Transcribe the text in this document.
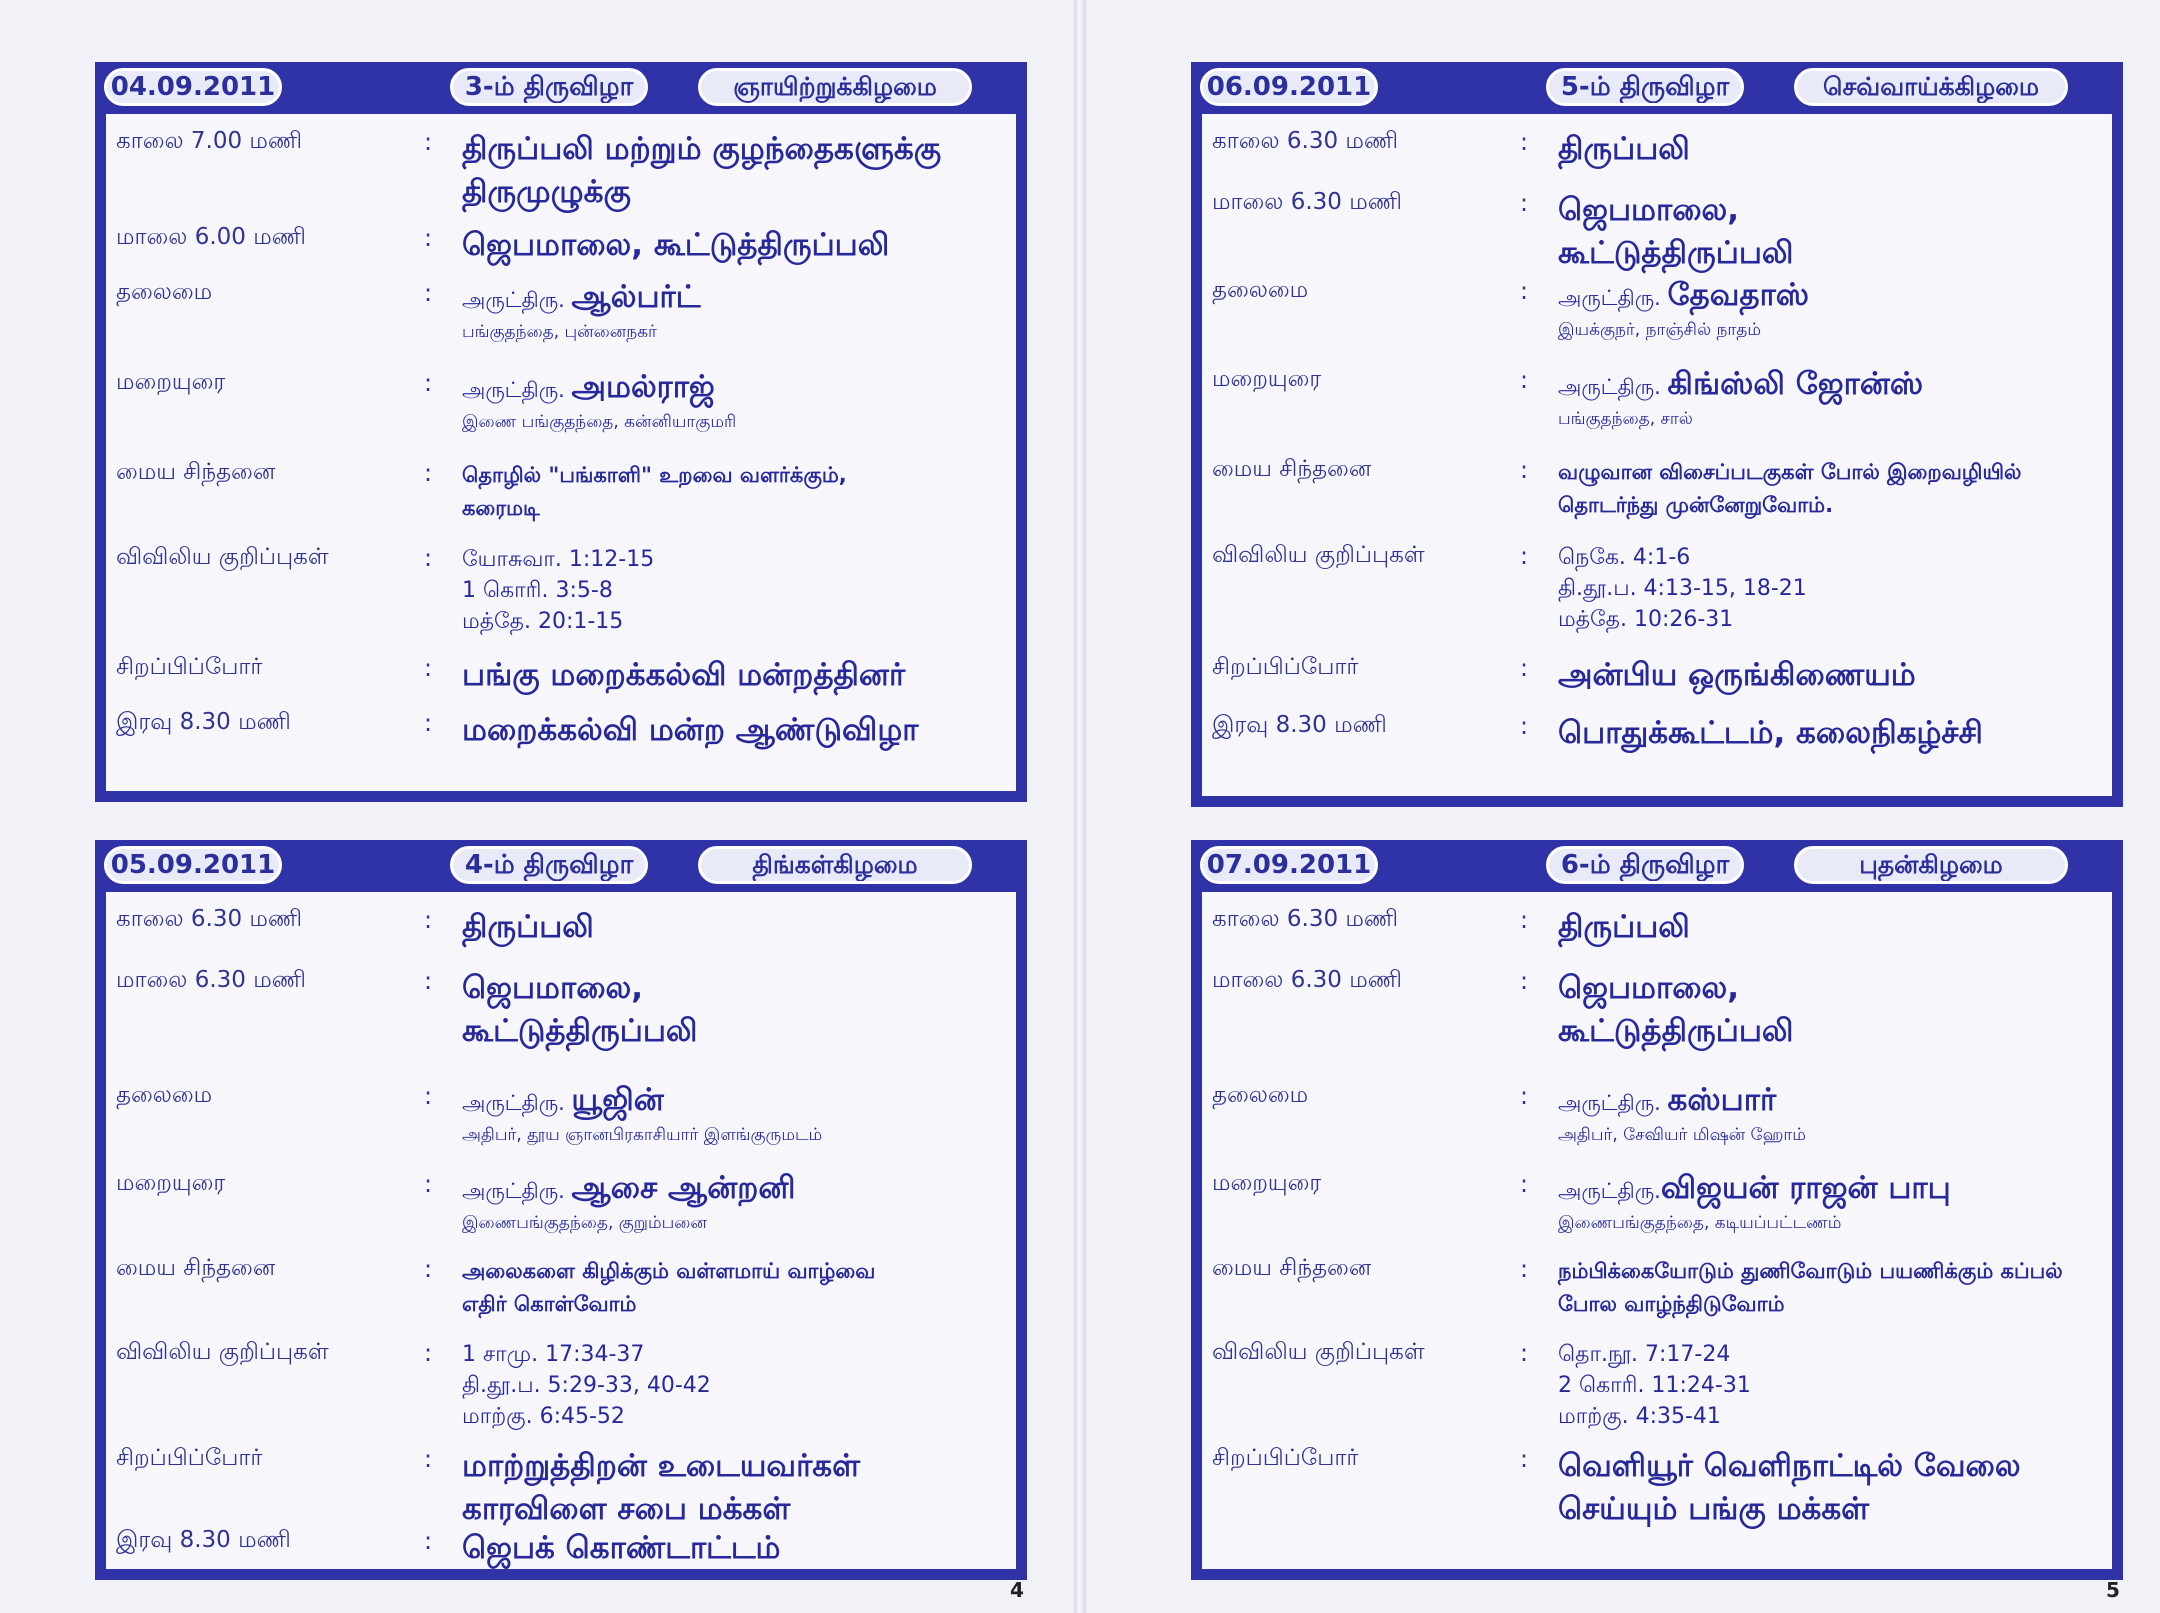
04.09.2011	3-ம் திருவிழா	ஞாயிற்றுக்கிழமை
காலை 7.00 மணி	: திருப்பலி மற்றும் குழந்தைகளுக்கு
திருமுழுக்கு
மாலை 6.00 மணி	: ஜெபமாலை, கூட்டுத்திருப்பலி
தலைமை	: அருட்திரு. ஆல்பர்ட்
பங்குதந்தை, புன்னைநகர்
மறையுரை	: அருட்திரு. அமல்ராஜ்
இணை பங்குதந்தை, கன்னியாகுமரி
மைய சிந்தனை	: தொழில் "பங்காளி" உறவை வளர்க்கும்,
கரைமடி
விவிலிய குறிப்புகள்	: யோசுவா. 1:12-15
1 கொரி. 3:5-8
மத்தே. 20:1-15
சிறப்பிப்போர்	: பங்கு மறைக்கல்வி மன்றத்தினர்
இரவு 8.30 மணி	: மறைக்கல்வி மன்ற ஆண்டுவிழா
05.09.2011	4-ம் திருவிழா	திங்கள்கிழமை
காலை 6.30 மணி	: திருப்பலி
மாலை 6.30 மணி	: ஜெபமாலை,
கூட்டுத்திருப்பலி
தலைமை	: அருட்திரு. யூஜின்
அதிபர், தூய ஞானபிரகாசியார் இளங்குருமடம்
மறையுரை	: அருட்திரு. ஆசை ஆன்றனி
இணைபங்குதந்தை, குறும்பனை
மைய சிந்தனை	: அலைகளை கிழிக்கும் வள்ளமாய் வாழ்வை
எதிர் கொள்வோம்
விவிலிய குறிப்புகள்	: 1 சாமு. 17:34-37
தி.தூ.ப. 5:29-33, 40-42
மாற்கு. 6:45-52
சிறப்பிப்போர்	: மாற்றுத்திறன் உடையவர்கள்
காரவிளை சபை மக்கள்
இரவு 8.30 மணி	: ஜெபக் கொண்டாட்டம்
4
06.09.2011	5-ம் திருவிழா	செவ்வாய்க்கிழமை
காலை 6.30 மணி	: திருப்பலி
மாலை 6.30 மணி	: ஜெபமாலை,
கூட்டுத்திருப்பலி
தலைமை	: அருட்திரு. தேவதாஸ்
இயக்குநர், நாஞ்சில் நாதம்
மறையுரை	: அருட்திரு. கிங்ஸ்லி ஜோன்ஸ்
பங்குதந்தை, சால்
மைய சிந்தனை	: வழுவான விசைப்படகுகள் போல் இறைவழியில்
தொடர்ந்து முன்னேறுவோம்.
விவிலிய குறிப்புகள்	: நெகே. 4:1-6
தி.தூ.ப. 4:13-15, 18-21
மத்தே. 10:26-31
சிறப்பிப்போர்	: அன்பிய ஒருங்கிணையம்
இரவு 8.30 மணி	: பொதுக்கூட்டம், கலைநிகழ்ச்சி
07.09.2011	6-ம் திருவிழா	புதன்கிழமை
காலை 6.30 மணி	: திருப்பலி
மாலை 6.30 மணி	: ஜெபமாலை,
கூட்டுத்திருப்பலி
தலைமை	: அருட்திரு. கஸ்பார்
அதிபர், சேவியர் மிஷன் ஹோம்
மறையுரை	: அருட்திரு.விஜயன் ராஜன் பாபு
இணைபங்குதந்தை, கடியப்பட்டணம்
மைய சிந்தனை	: நம்பிக்கையோடும் துணிவோடும் பயணிக்கும் கப்பல்
போல வாழ்ந்திடுவோம்
விவிலிய குறிப்புகள்	: தொ.நூ. 7:17-24
2 கொரி. 11:24-31
மாற்கு. 4:35-41
சிறப்பிப்போர்	: வெளியூர் வெளிநாட்டில் வேலை
செய்யும் பங்கு மக்கள்
5
